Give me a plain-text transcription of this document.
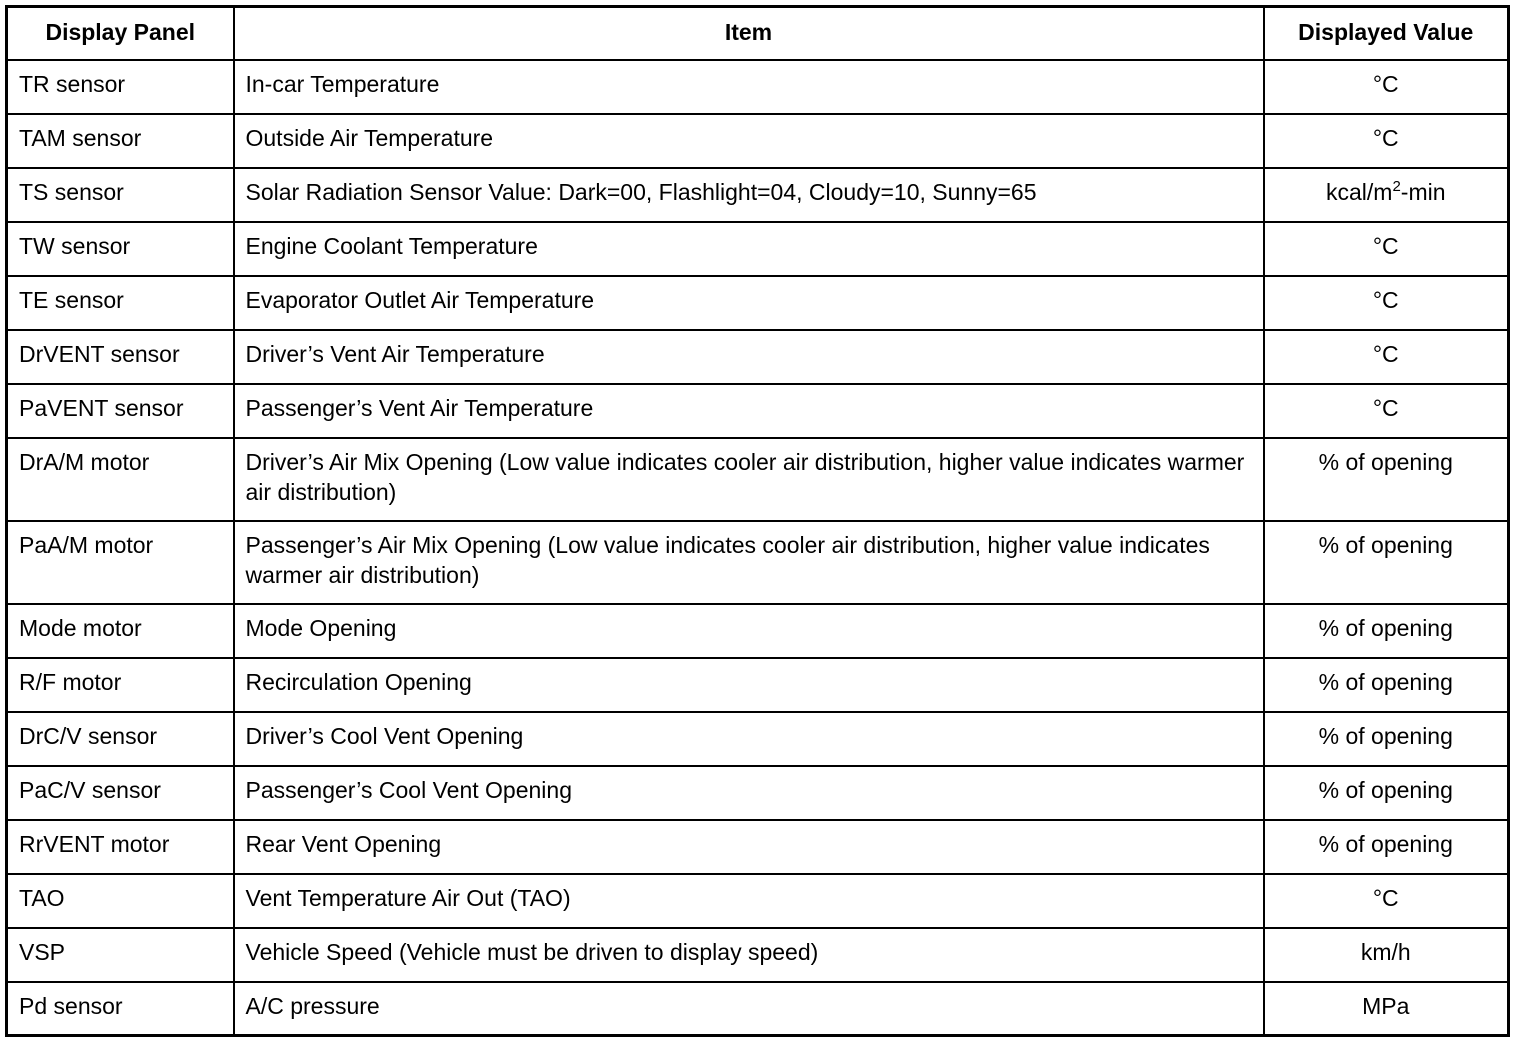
Display Panel	Item	Displayed Value
TR sensor	In-car Temperature	°C
TAM sensor	Outside Air Temperature	°C
TS sensor	Solar Radiation Sensor Value: Dark=00, Flashlight=04, Cloudy=10, Sunny=65	kcal/$m^2-\min$
TW sensor	Engine Coolant Temperature	°C
TE sensor	Evaporator Outlet Air Temperature	°C
DrVENT sensor	Driver’s Vent Air Temperature	°C
PaVENT sensor	Passenger’s Vent Air Temperature	°C
DrA/M motor	Driver’s Air Mix Opening (Low value indicates cooler air distribution, higher value indicates warmer air distribution)	% of opening
PaA/M motor	Passenger’s Air Mix Opening (Low value indicates cooler air distribution, higher value indicates warmer air distribution)	% of opening
Mode motor	Mode Opening	% of opening
R/F motor	Recirculation Opening	% of opening
DrC/V sensor	Driver’s Cool Vent Opening	% of opening
PaC/V sensor	Passenger’s Cool Vent Opening	% of opening
RrVENT motor	Rear Vent Opening	% of opening
TAO	Vent Temperature Air Out (TAO)	°C
VSP	Vehicle Speed (Vehicle must be driven to display speed)	km/h
Pd sensor	A/C pressure	MPa
